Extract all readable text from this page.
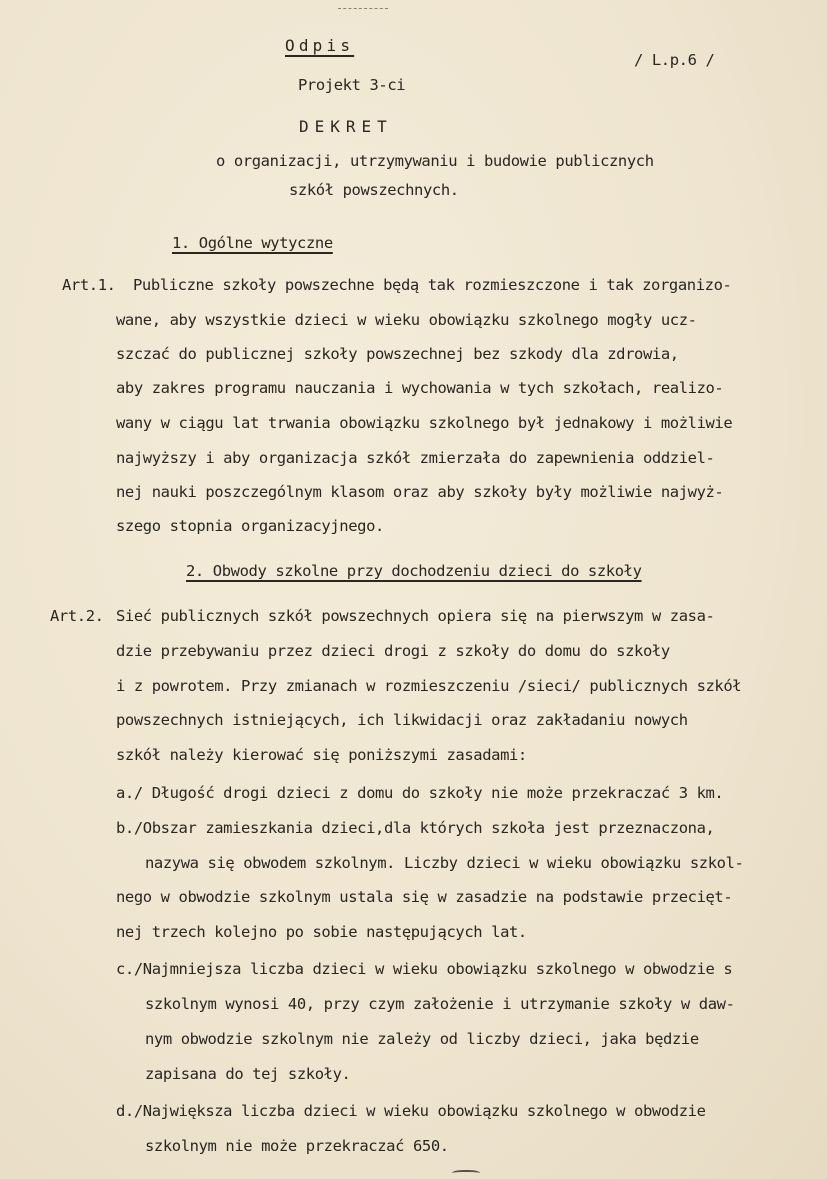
Odpis
Projekt 3-ci
/ L.p.6 /
DEKRET
o organizacji, utrzymywaniu i budowie publicznych
szkół powszechnych.
1. Ogólne wytyczne
Art.1. Publiczne szkoły powszechne będą tak rozmieszczone i tak zorganizo-
wane, aby wszystkie dzieci w wieku obowiązku szkolnego mogły ucz-
szczać do publicznej szkoły powszechnej bez szkody dla zdrowia,
aby zakres programu nauczania i wychowania w tych szkołach, realizo-
wany w ciągu lat trwania obowiązku szkolnego był jednakowy i możliwie
najwyższy i aby organizacja szkół zmierzała do zapewnienia oddziel-
nej nauki poszczególnym klasom oraz aby szkoły były możliwie najwyż-
szego stopnia organizacyjnego.
2. Obwody szkolne przy dochodzeniu dzieci do szkoły
Art.2. Sieć publicznych szkół powszechnych opiera się na pierwszym w zasa-
dzie przebywaniu przez dzieci drogi z szkoły do domu do szkoły
i z powrotem. Przy zmianach w rozmieszczeniu /sieci/ publicznych szkół
powszechnych istniejących, ich likwidacji oraz zakładaniu nowych
szkół należy kierować się poniższymi zasadami:
a./ Długość drogi dzieci z domu do szkoły nie może przekraczać 3 km.
b./Obszar zamieszkania dzieci,dla których szkoła jest przeznaczona,
nazywa się obwodem szkolnym. Liczby dzieci w wieku obowiązku szkol-
nego w obwodzie szkolnym ustala się w zasadzie na podstawie przecięt-
nej trzech kolejno po sobie następujących lat.
c./Najmniejsza liczba dzieci w wieku obowiązku szkolnego w obwodzie s
szkolnym wynosi 40, przy czym założenie i utrzymanie szkoły w daw-
nym obwodzie szkolnym nie zależy od liczby dzieci, jaka będzie
zapisana do tej szkoły.
d./Największa liczba dzieci w wieku obowiązku szkolnego w obwodzie
szkolnym nie może przekraczać 650.
